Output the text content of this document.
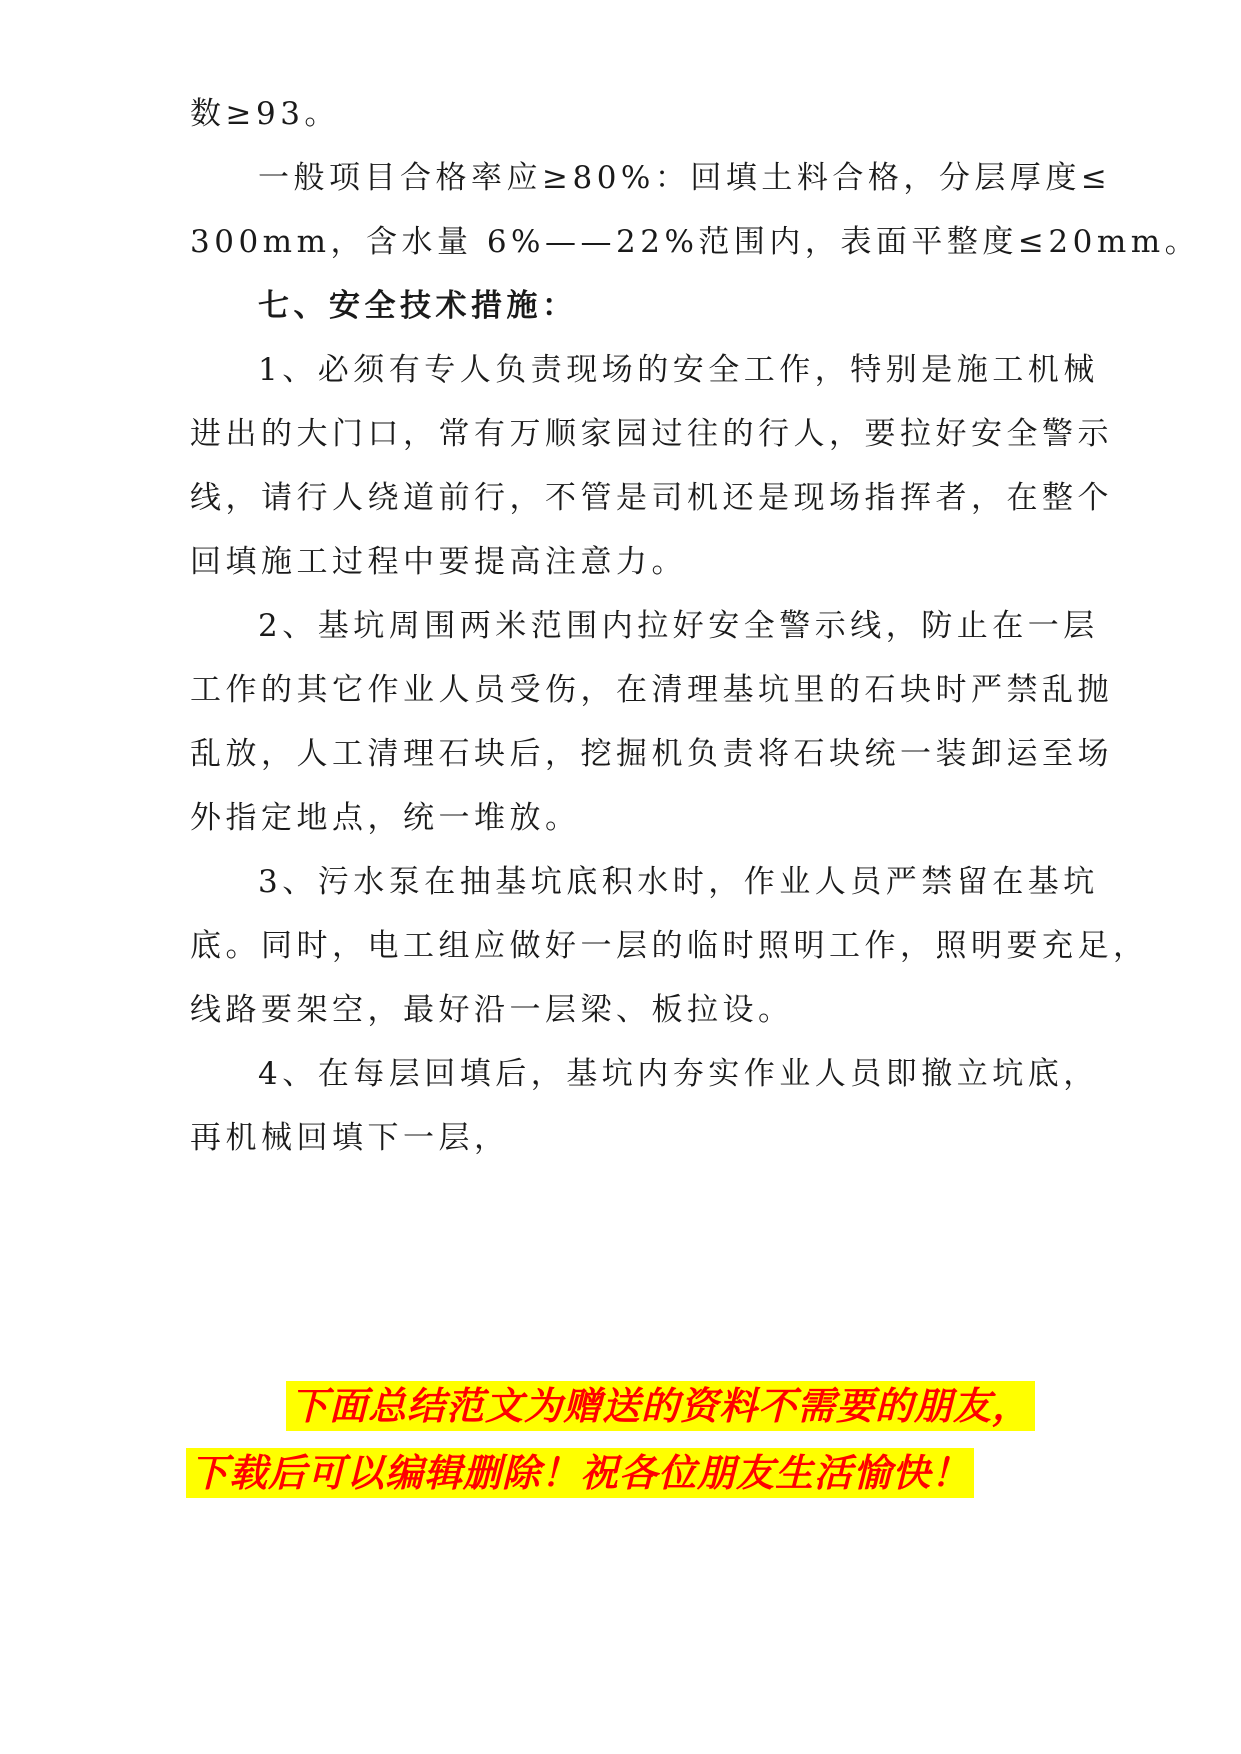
数≥93。

一般项目合格率应≥80%：回填土料合格，分层厚度≤

300mm，含水量 6%——22%范围内，表面平整度≤20mm。

七、安全技术措施：

1、必须有专人负责现场的安全工作，特别是施工机械

进出的大门口，常有万顺家园过往的行人，要拉好安全警示

线，请行人绕道前行，不管是司机还是现场指挥者，在整个

回填施工过程中要提高注意力。

2、基坑周围两米范围内拉好安全警示线，防止在一层

工作的其它作业人员受伤，在清理基坑里的石块时严禁乱抛

乱放，人工清理石块后，挖掘机负责将石块统一装卸运至场

外指定地点，统一堆放。

3、污水泵在抽基坑底积水时，作业人员严禁留在基坑

底。同时，电工组应做好一层的临时照明工作，照明要充足，

线路要架空，最好沿一层梁、板拉设。

4、在每层回填后，基坑内夯实作业人员即撤立坑底，

再机械回填下一层，

下面总结范文为赠送的资料不需要的朋友，
下载后可以编辑删除！祝各位朋友生活愉快！
